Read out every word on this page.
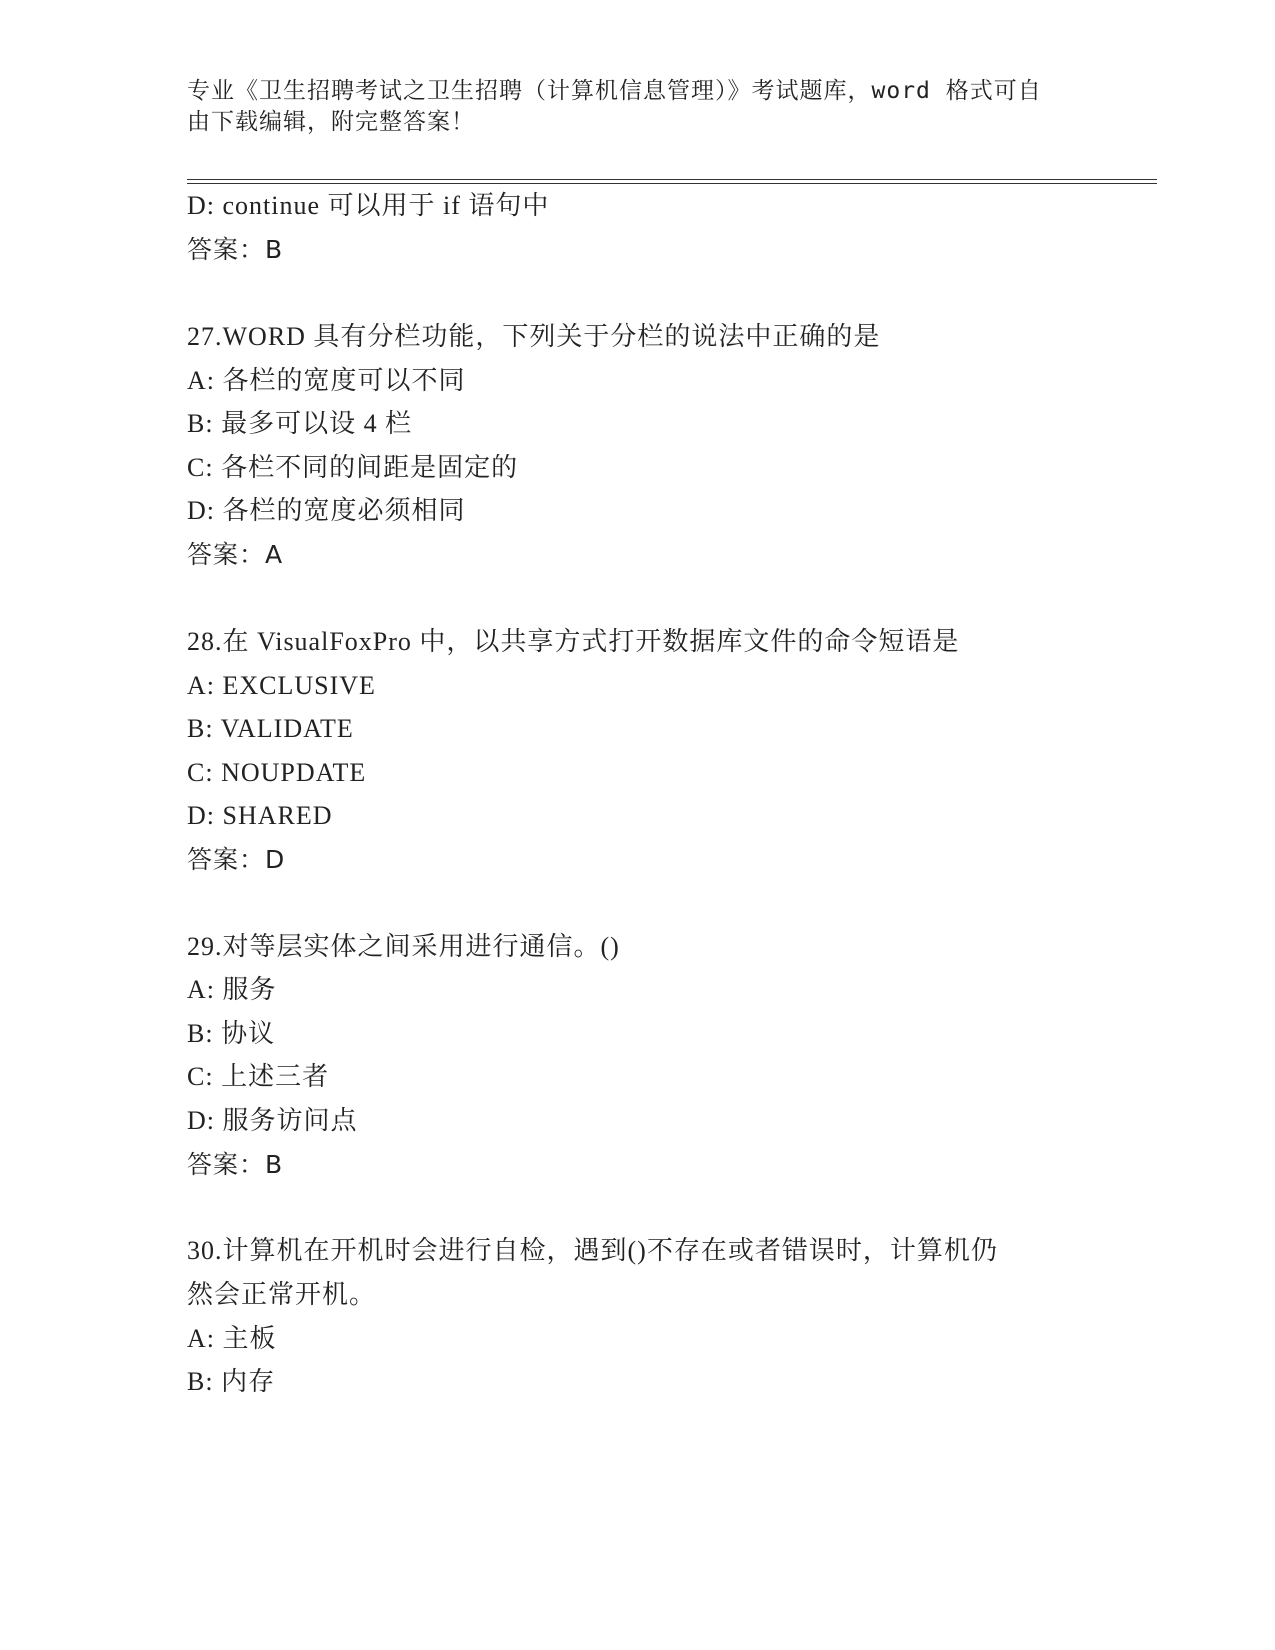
专业《卫生招聘考试之卫生招聘（计算机信息管理）》考试题库，word 格式可自
由下载编辑，附完整答案！
D: continue 可以用于 if 语句中
答案：B
27.WORD 具有分栏功能，下列关于分栏的说法中正确的是
A: 各栏的宽度可以不同
B: 最多可以设 4 栏
C: 各栏不同的间距是固定的
D: 各栏的宽度必须相同
答案：A
28.在 VisualFoxPro 中，以共享方式打开数据库文件的命令短语是
A: EXCLUSIVE
B: VALIDATE
C: NOUPDATE
D: SHARED
答案：D
29.对等层实体之间采用进行通信。()
A: 服务
B: 协议
C: 上述三者
D: 服务访问点
答案：B
30.计算机在开机时会进行自检，遇到()不存在或者错误时，计算机仍
然会正常开机。
A: 主板
B: 内存
